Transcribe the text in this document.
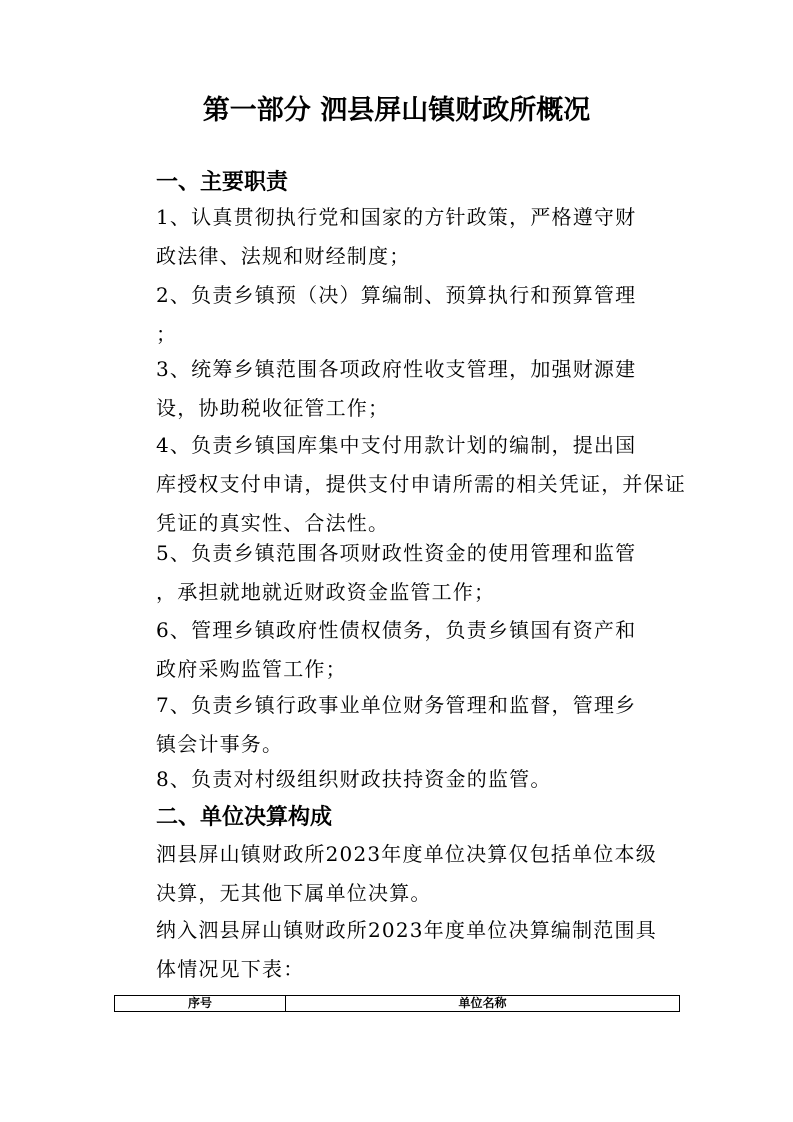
第一部分 泗县屏山镇财政所概况
一、主要职责

1、认真贯彻执行党和国家的方针政策，严格遵守财
政法律、法规和财经制度；

2、负责乡镇预（决）算编制、预算执行和预算管理
；

3、统筹乡镇范围各项政府性收支管理，加强财源建
设，协助税收征管工作；

4、负责乡镇国库集中支付用款计划的编制，提出国
库授权支付申请，提供支付申请所需的相关凭证，并保证
凭证的真实性、合法性。

5、负责乡镇范围各项财政性资金的使用管理和监管
，承担就地就近财政资金监管工作；

6、管理乡镇政府性债权债务，负责乡镇国有资产和
政府采购监管工作；

7、负责乡镇行政事业单位财务管理和监督，管理乡
镇会计事务。

8、负责对村级组织财政扶持资金的监管。

二、单位决算构成

泗县屏山镇财政所2023年度单位决算仅包括单位本级
决算，无其他下属单位决算。

纳入泗县屏山镇财政所2023年度单位决算编制范围具
体情况见下表：

序号	单位名称
